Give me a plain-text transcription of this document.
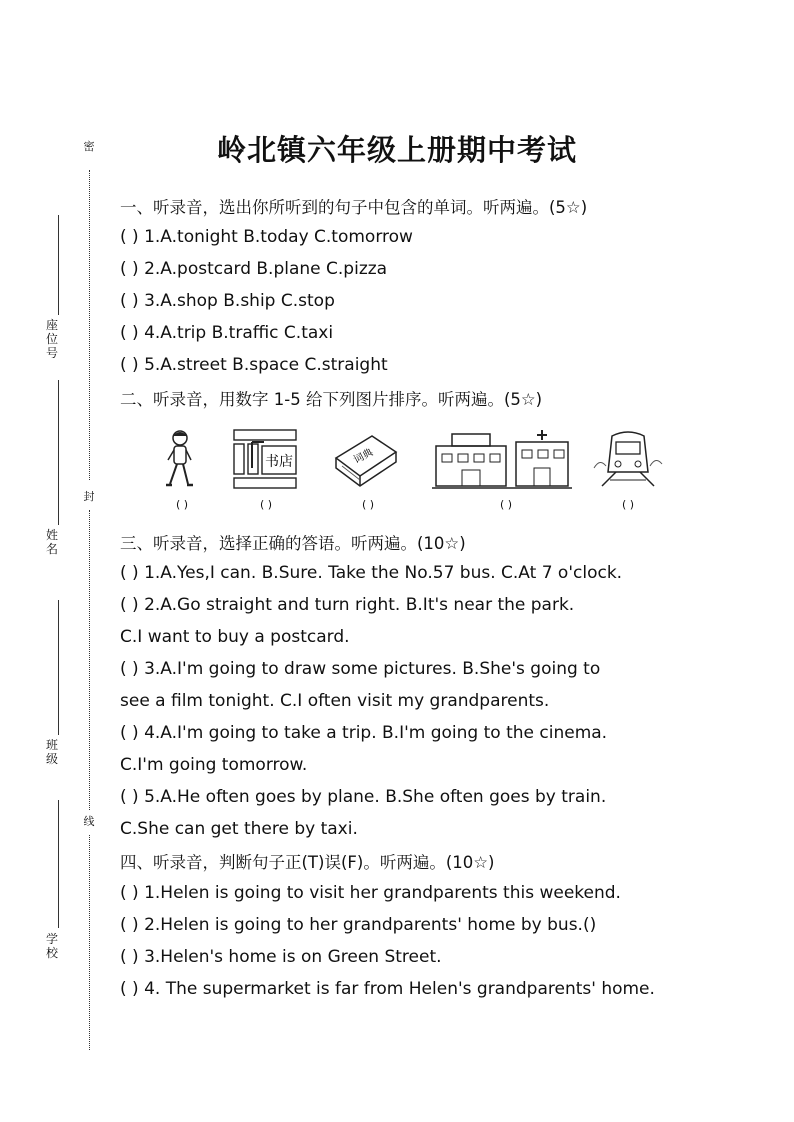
密
封
线
座位号
姓名
班级
学校
岭北镇六年级上册期中考试
一、听录音，选出你所听到的句子中包含的单词。听两遍。(5☆)
( ) 1.A.tonight B.today C.tomorrow
( ) 2.A.postcard B.plane C.pizza
( ) 3.A.shop B.ship C.stop
( ) 4.A.trip B.traffic C.taxi
( ) 5.A.street B.space C.straight
二、听录音，用数字 1-5 给下列图片排序。听两遍。(5☆)
书店	词典
( )	( )	( )	( )	( )
三、听录音，选择正确的答语。听两遍。(10☆)
( ) 1.A.Yes,I can. B.Sure. Take the No.57 bus. C.At 7 o'clock.
( ) 2.A.Go straight and turn right. B.It's near the park.
C.I want to buy a postcard.
( ) 3.A.I'm going to draw some pictures. B.She's going to
see a film tonight. C.I often visit my grandparents.
( ) 4.A.I'm going to take a trip. B.I'm going to the cinema.
C.I'm going tomorrow.
( ) 5.A.He often goes by plane. B.She often goes by train.
C.She can get there by taxi.
四、听录音，判断句子正(T)误(F)。听两遍。(10☆)
( ) 1.Helen is going to visit her grandparents this weekend.
( ) 2.Helen is going to her grandparents' home by bus.()
( ) 3.Helen's home is on Green Street.
( ) 4. The supermarket is far from Helen's grandparents' home.
